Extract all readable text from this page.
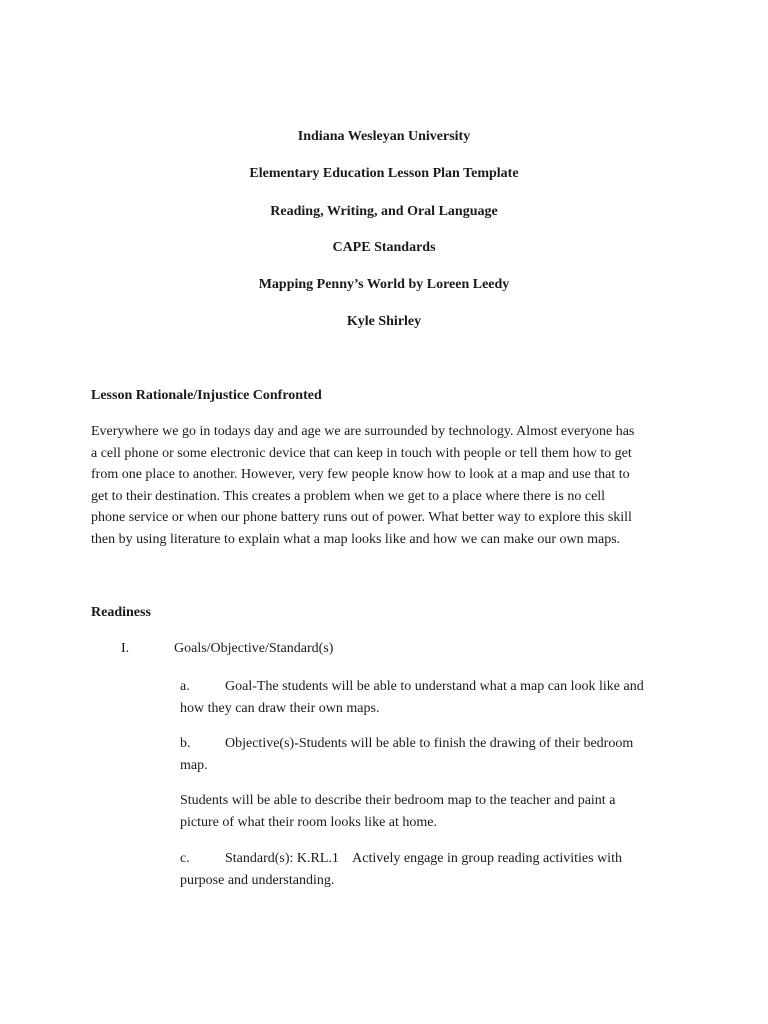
Indiana Wesleyan University
Elementary Education Lesson Plan Template
Reading, Writing, and Oral Language
CAPE Standards
Mapping Penny’s World by Loreen Leedy
Kyle Shirley
Lesson Rationale/Injustice Confronted
Everywhere we go in todays day and age we are surrounded by technology. Almost everyone has
a cell phone or some electronic device that can keep in touch with people or tell them how to get
from one place to another. However, very few people know how to look at a map and use that to
get to their destination. This creates a problem when we get to a place where there is no cell
phone service or when our phone battery runs out of power. What better way to explore this skill
then by using literature to explain what a map looks like and how we can make our own maps.
Readiness
I.	Goals/Objective/Standard(s)
a.	Goal-The students will be able to understand what a map can look like and
how they can draw their own maps.
b. Objective(s)-Students will be able to finish the drawing of their bedroom
map.
Students will be able to describe their bedroom map to the teacher and paint a
picture of what their room looks like at home.
c.	Standard(s): K.RL.1    Actively engage in group reading activities with
purpose and understanding.
